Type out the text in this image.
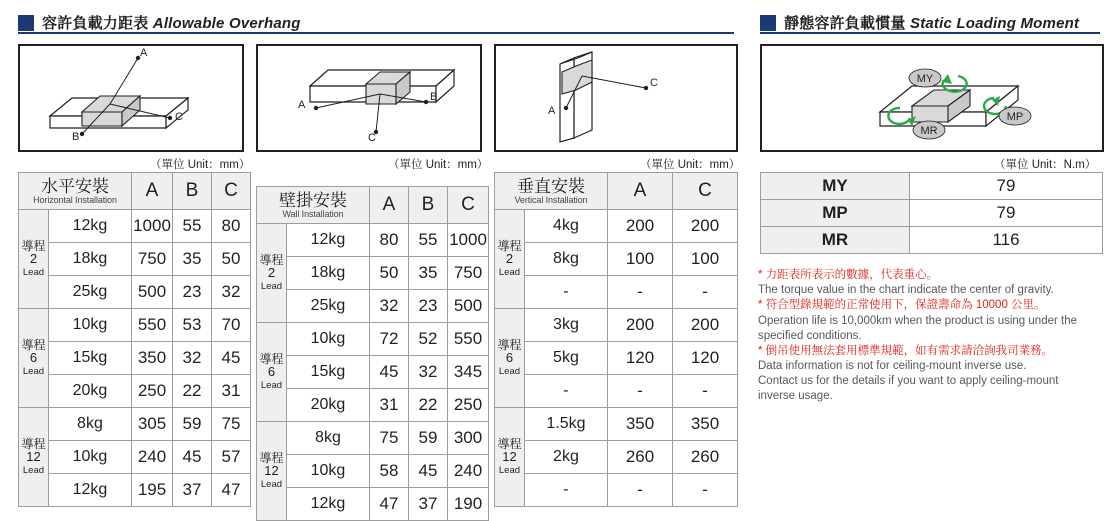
容許負載力距表 Allowable Overhang	靜態容許負載慣量 Static Loading Moment
A
C
B
（單位 Unit：mm）
A
B
C
（單位 Unit：mm）
C
A
（單位 Unit：mm）
MY
MP
MR
（單位 Unit：N.m）
水平安裝
Horizontal Installation		A	B	C
導程
2
Lead	12kg	1000	55	80
	18kg	750	35	50
	25kg	500	23	32
導程
6
Lead	10kg	550	53	70
	15kg	350	32	45
	20kg	250	22	31
導程
12
Lead	8kg	305	59	75
	10kg	240	45	57
	12kg	195	37	47
壁掛安裝
Wall Installation		A	B	C
導程
2
Lead	12kg	80	55	1000
	18kg	50	35	750
	25kg	32	23	500
導程
6
Lead	10kg	72	52	550
	15kg	45	32	345
	20kg	31	22	250
導程
12
Lead	8kg	75	59	300
	10kg	58	45	240
	12kg	47	37	190
垂直安裝
Vertical Installation		A	C
導程
2
Lead	4kg	200	200
	8kg	100	100
	-	-	-
導程
6
Lead	3kg	200	200
	5kg	120	120
	-	-	-
導程
12
Lead	1.5kg	350	350
	2kg	260	260
	-	-	-
MY	79
MP	79
MR	116
* 力距表所表示的數據，代表重心。
The torque value in the chart indicate the center of gravity.
* 符合型錄規範的正常使用下，保證壽命為 10000 公里。
Operation life is 10,000km when the product is using under the
specified conditions.
* 倒吊使用無法套用標準規範，如有需求請洽詢我司業務。
Data information is not for ceiling-mount inverse use.
Contact us for the details if you want to apply ceiling-mount
inverse usage.
